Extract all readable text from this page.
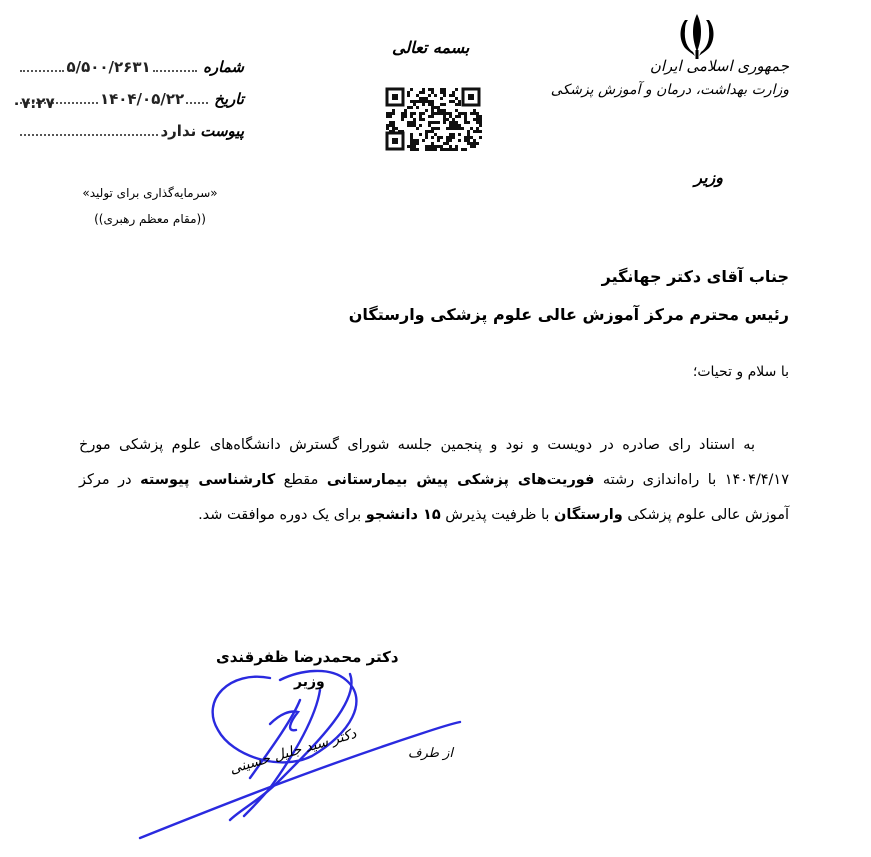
جمهوری اسلامی ایران
وزارت بهداشت، درمان و آموزش پزشکی
وزیر
بسمه تعالی
شماره
۵/۵۰۰/۲۶۳۱
تاریخ
۱۴۰۴/۰۵/۲۲
۰۷:۲۷
پیوست
ندارد
«سرمایه‌گذاری برای تولید»
((مقام معظم رهبری))
جناب آقای دکتر جهانگیر
رئیس محترم مرکز آموزش عالی علوم پزشکی وارستگان
با سلام و تحیات؛

به استناد رای صادره در دویست و نود و پنجمین جلسه شورای گسترش دانشگاه‌های علوم پزشکی مورخ ۱۴۰۴/۴/۱۷ با راه‌اندازی رشته فوریت‌های پزشکی پیش بیمارستانی مقطع کارشناسی پیوسته در مرکز آموزش عالی علوم پزشکی وارستگان با ظرفیت پذیرش ۱۵ دانشجو برای یک دوره موافقت شد.

دکتر محمدرضا ظفرقندی
وزیر
از طرف
دکتر سید جلیل حسینی
